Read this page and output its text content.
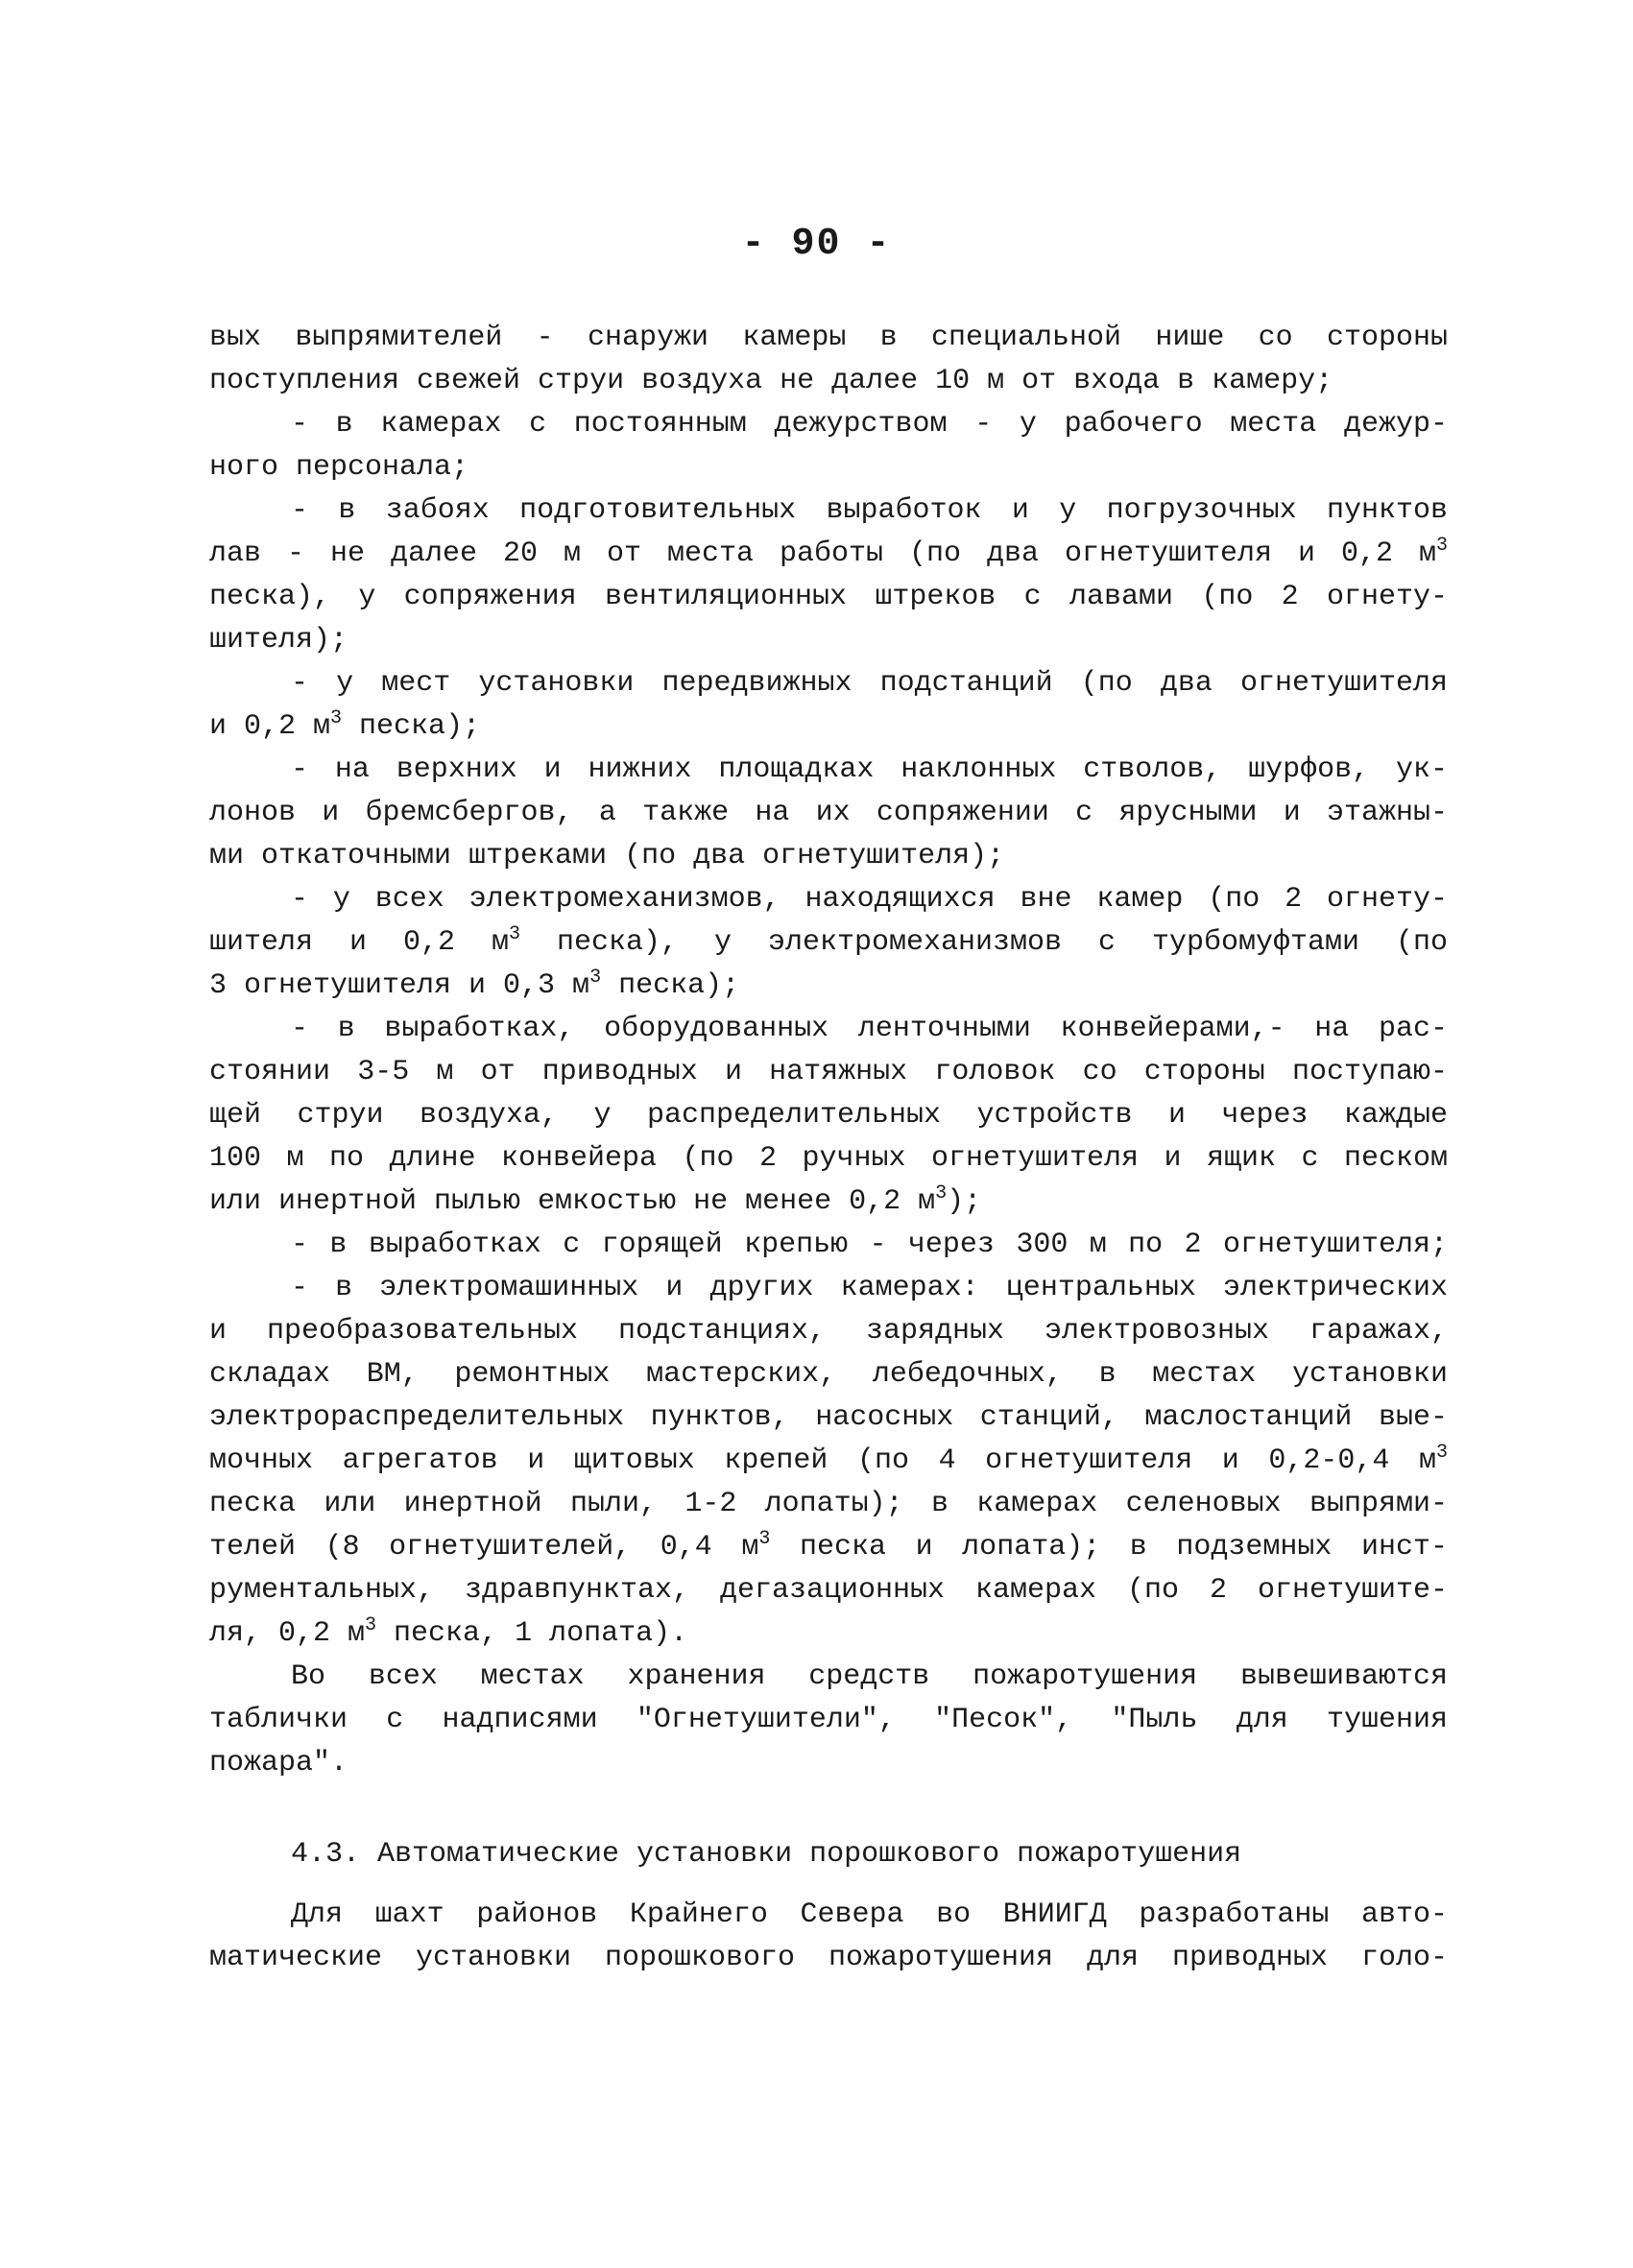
- 90 -
вых выпрямителей - снаружи камеры в специальной нише со стороны
поступления свежей струи воздуха не далее 10 м от входа в камеру;
- в камерах с постоянным дежурством - у рабочего места дежур-
ного персонала;
- в забоях подготовительных выработок и у погрузочных пунктов
лав - не далее 20 м от места работы (по два огнетушителя и 0,2 $м^3$
песка), у сопряжения вентиляционных штреков с лавами (по 2 огнету-
шителя);
- у мест установки передвижных подстанций (по два огнетушителя
и 0,2 $м^3$ песка);
- на верхних и нижних площадках наклонных стволов, шурфов, ук-
лонов и бремсбергов, а также на их сопряжении с ярусными и этажны-
ми откаточными штреками (по два огнетушителя);
- у всех электромеханизмов, находящихся вне камер (по 2 огнету-
шителя и 0,2 $м^3$ песка), у электромеханизмов с турбомуфтами (по
3 огнетушителя и 0,3 $м^3$ песка);
- в выработках, оборудованных ленточными конвейерами,- на рас-
стоянии 3-5 м от приводных и натяжных головок со стороны поступаю-
щей струи воздуха, у распределительных устройств и через каждые
100 м по длине конвейера (по 2 ручных огнетушителя и ящик с песком
или инертной пылью емкостью не менее 0,2 $м^3$);
- в выработках с горящей крепью - через 300 м по 2 огнетушителя;
- в электромашинных и других камерах: центральных электрических
и преобразовательных подстанциях, зарядных электровозных гаражах,
складах ВМ, ремонтных мастерских, лебедочных, в местах установки
электрораспределительных пунктов, насосных станций, маслостанций вые-
мочных агрегатов и щитовых крепей (по 4 огнетушителя и 0,2-0,4 $м^3$
песка или инертной пыли, 1-2 лопаты); в камерах селеновых выпрями-
телей (8 огнетушителей, 0,4 $м^3$ песка и лопата); в подземных инст-
рументальных, здравпунктах, дегазационных камерах (по 2 огнетушите-
ля, 0,2 $м^3$ песка, 1 лопата).
Во всех местах хранения средств пожаротушения вывешиваются
таблички с надписями "Огнетушители", "Песок", "Пыль для тушения
пожара".
4.3. Автоматические установки порошкового пожаротушения
Для шахт районов Крайнего Севера во ВНИИГД разработаны авто-
матические установки порошкового пожаротушения для приводных голо-
